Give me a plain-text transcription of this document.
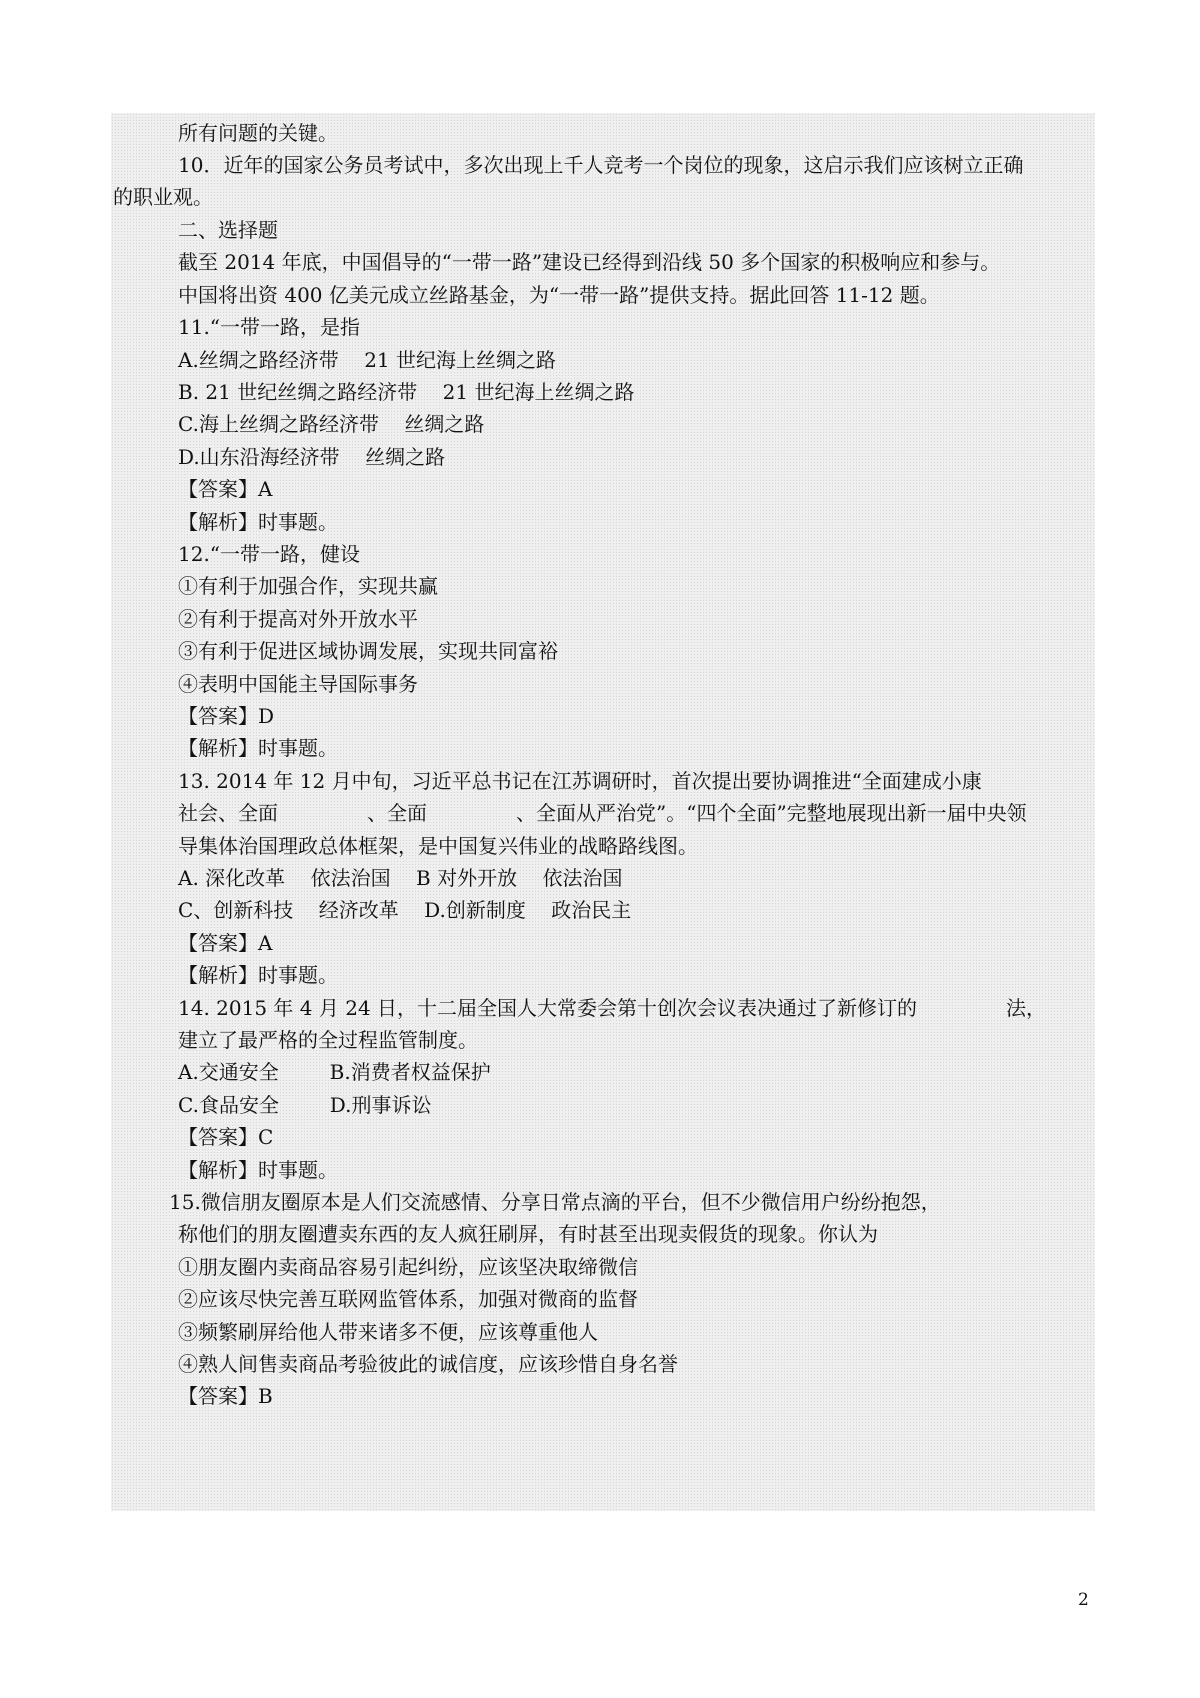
所有问题的关键。
10．近年的国家公务员考试中，多次出现上千人竞考一个岗位的现象，这启示我们应该树立正确
的职业观。
二、选择题
截至 2014 年底，中国倡导的“一带一路”建设已经得到沿线 50 多个国家的积极响应和参与。
中国将出资 400 亿美元成立丝路基金，为“一带一路”提供支持。据此回答 11-12 题。
11.“一带一路，是指
A.丝绸之路经济带    21 世纪海上丝绸之路
B. 21 世纪丝绸之路经济带    21 世纪海上丝绸之路
C.海上丝绸之路经济带    丝绸之路
D.山东沿海经济带    丝绸之路
【答案】A
【解析】时事题。
12.“一带一路，健设
①有利于加强合作，实现共赢
②有利于提高对外开放水平
③有利于促进区域协调发展，实现共同富裕
④表明中国能主导国际事务
【答案】D
【解析】时事题。
13. 2014 年 12 月中旬，习近平总书记在江苏调研时，首次提出要协调推进“全面建成小康
社会、全面              、全面              、全面从严治党”。“四个全面”完整地展现出新一届中央领
导集体治国理政总体框架，是中国复兴伟业的战略路线图。
A. 深化改革    依法治国    B 对外开放    依法治国
C、创新科技    经济改革    D.创新制度    政治民主
【答案】A
【解析】时事题。
14. 2015 年 4 月 24 日，十二届全国人大常委会第十创次会议表决通过了新修订的              法，
建立了最严格的全过程监管制度。
A.交通安全        B.消费者权益保护
C.食品安全        D.刑事诉讼
【答案】C
【解析】时事题。
15.微信朋友圈原本是人们交流感情、分享日常点滴的平台，但不少微信用户纷纷抱怨，
称他们的朋友圈遭卖东西的友人疯狂刷屏，有时甚至出现卖假货的现象。你认为
①朋友圈内卖商品容易引起纠纷，应该坚决取缔微信
②应该尽快完善互联网监管体系，加强对微商的监督
③频繁刷屏给他人带来诸多不便，应该尊重他人
④熟人间售卖商品考验彼此的诚信度，应该珍惜自身名誉
【答案】B
2
